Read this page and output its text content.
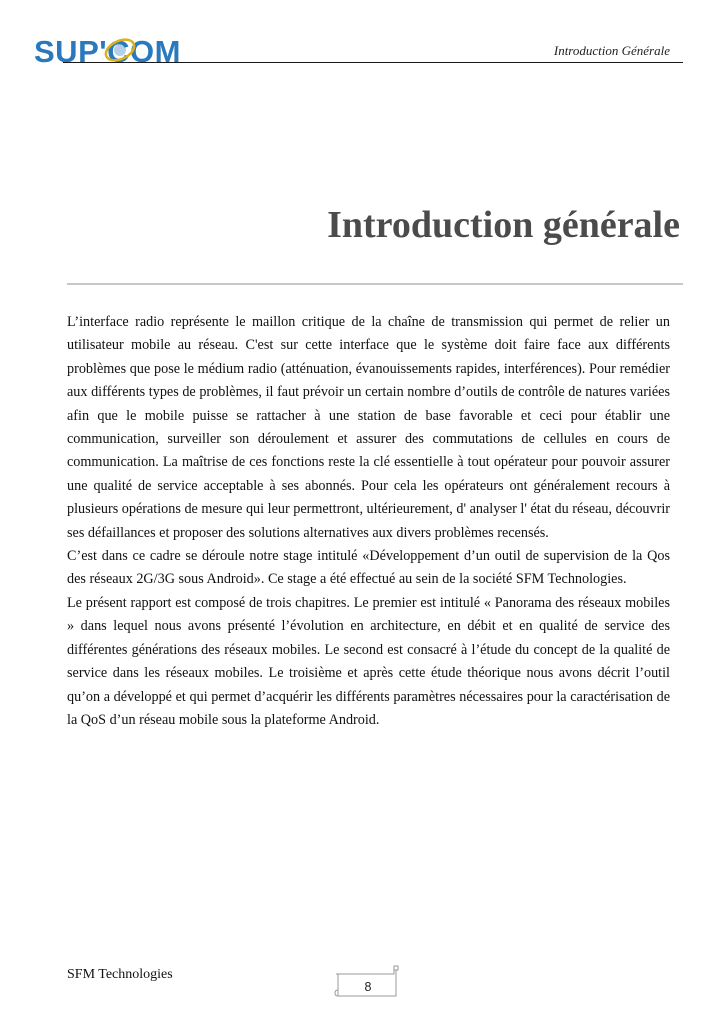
SUP'COM	Introduction Générale
Introduction générale

L’interface radio représente le maillon critique de la chaîne de transmission qui permet de relier un utilisateur mobile au réseau. C'est sur cette interface que le système doit faire face aux différents problèmes que pose le médium radio (atténuation, évanouissements rapides, interférences). Pour remédier aux différents types de problèmes, il faut prévoir un certain nombre d’outils de contrôle de natures variées afin que le mobile puisse se rattacher à une station de base favorable et ceci pour établir une communication, surveiller son déroulement et assurer des commutations de cellules en cours de communication. La maîtrise de ces fonctions reste la clé essentielle à tout opérateur pour pouvoir assurer une qualité de service acceptable à ses abonnés. Pour cela les opérateurs ont généralement recours à plusieurs opérations de mesure qui leur permettront, ultérieurement, d' analyser l' état du réseau, découvrir ses défaillances et proposer des solutions alternatives aux divers problèmes recensés.

C’est dans ce cadre se déroule notre stage intitulé «Développement d’un outil de supervision de la Qos des réseaux 2G/3G sous Android». Ce stage a été effectué au sein de la société SFM Technologies.

Le présent rapport est composé de trois chapitres. Le premier est intitulé « Panorama des réseaux mobiles » dans lequel nous avons présenté l’évolution en architecture, en débit et en qualité de service des différentes générations des réseaux mobiles. Le second est consacré à l’étude du concept de la qualité de service dans les réseaux mobiles. Le troisième et après cette étude théorique nous avons décrit l’outil qu’on a développé et qui permet d’acquérir les différents paramètres nécessaires pour la caractérisation de la QoS d’un réseau mobile sous la plateforme Android.

SFM Technologies
8
